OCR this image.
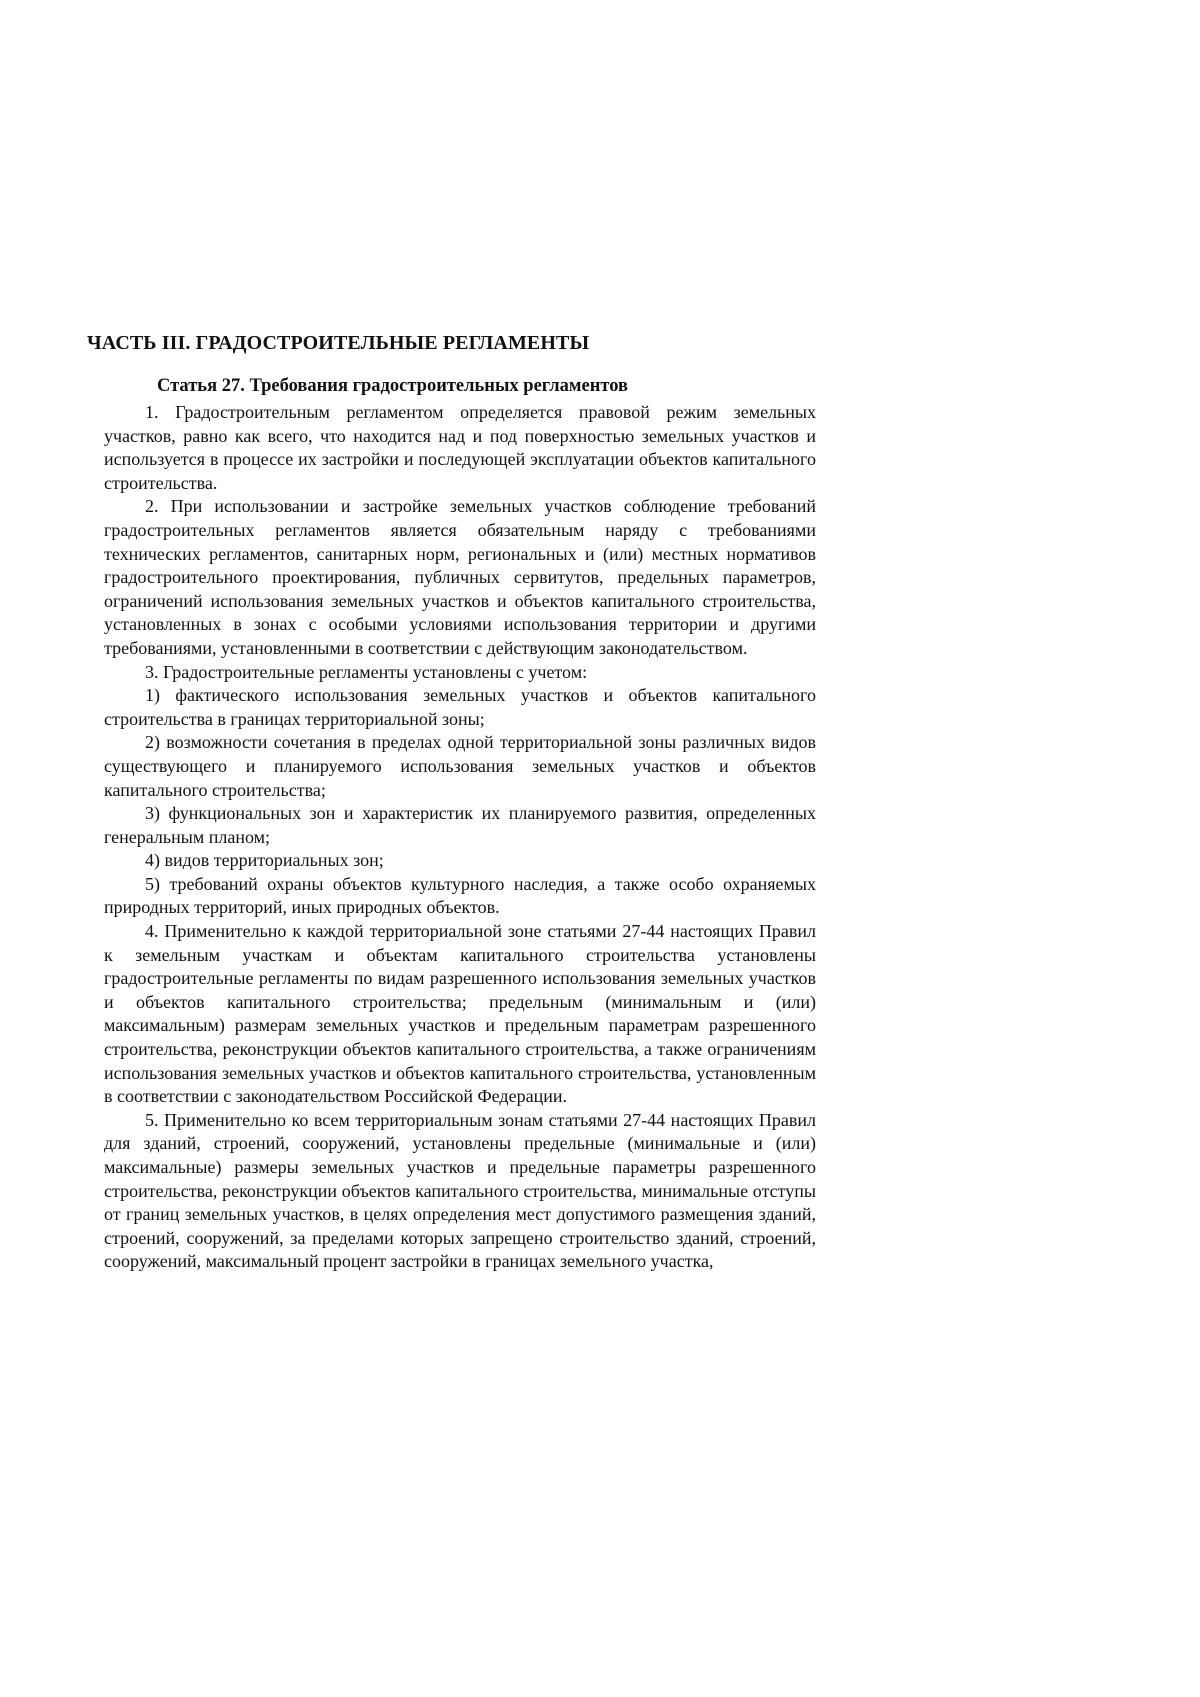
ЧАСТЬ III. ГРАДОСТРОИТЕЛЬНЫЕ РЕГЛАМЕНТЫ
Статья 27. Требования градостроительных регламентов

1. Градостроительным регламентом определяется правовой режим земельных участков, равно как всего, что находится над и под поверхностью земельных участков и используется в процессе их застройки и последующей эксплуатации объектов капитального строительства.

2. При использовании и застройке земельных участков соблюдение требований градостроительных регламентов является обязательным наряду с требованиями технических регламентов, санитарных норм, региональных и (или) местных нормативов градостроительного проектирования, публичных сервитутов, предельных параметров, ограничений использования земельных участков и объектов капитального строительства, установленных в зонах с особыми условиями использования территории и другими требованиями, установленными в соответствии с действующим законодательством.

3. Градостроительные регламенты установлены с учетом:

1) фактического использования земельных участков и объектов капитального строительства в границах территориальной зоны;

2) возможности сочетания в пределах одной территориальной зоны различных видов существующего и планируемого использования земельных участков и объектов капитального строительства;

3) функциональных зон и характеристик их планируемого развития, определенных генеральным планом;

4) видов территориальных зон;

5) требований охраны объектов культурного наследия, а также особо охраняемых природных территорий, иных природных объектов.

4. Применительно к каждой территориальной зоне статьями 27-44 настоящих Правил к земельным участкам и объектам капитального строительства установлены градостроительные регламенты по видам разрешенного использования земельных участков и объектов капитального строительства; предельным (минимальным и (или) максимальным) размерам земельных участков и предельным параметрам разрешенного строительства, реконструкции объектов капитального строительства, а также ограничениям использования земельных участков и объектов капитального строительства, установленным в соответствии с законодательством Российской Федерации.

5. Применительно ко всем территориальным зонам статьями 27-44 настоящих Правил для зданий, строений, сооружений, установлены предельные (минимальные и (или) максимальные) размеры земельных участков и предельные параметры разрешенного строительства, реконструкции объектов капитального строительства, минимальные отступы от границ земельных участков, в целях определения мест допустимого размещения зданий, строений, сооружений, за пределами которых запрещено строительство зданий, строений, сооружений, максимальный процент застройки в границах земельного участка,
